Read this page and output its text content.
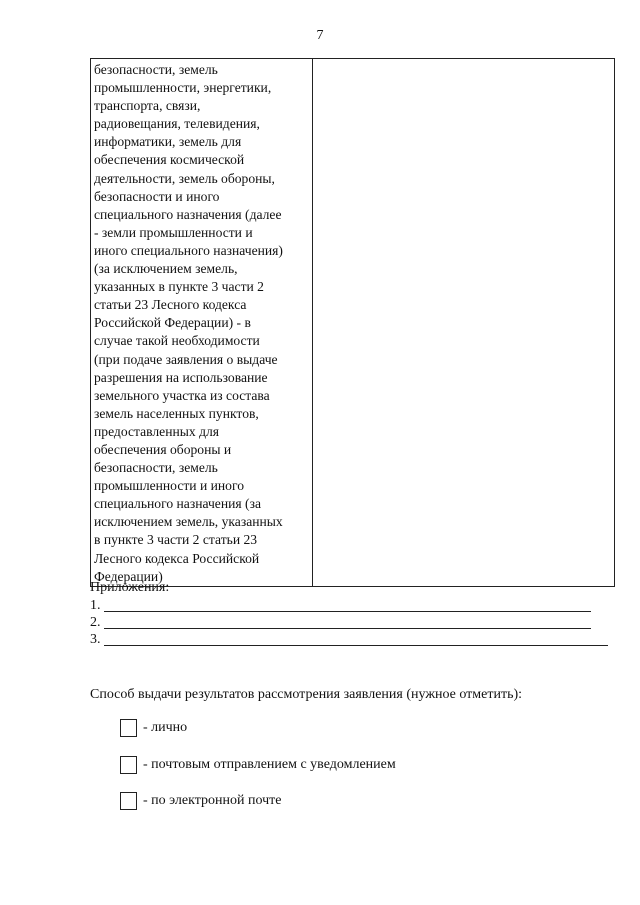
7
безопасности, земель
промышленности, энергетики,
транспорта, связи,
радиовещания, телевидения,
информатики, земель для
обеспечения космической
деятельности, земель обороны,
безопасности и иного
специального назначения (далее
- земли промышленности и
иного специального назначения)
(за исключением земель,
указанных в пункте 3 части 2
статьи 23 Лесного кодекса
Российской Федерации) - в
случае такой необходимости
(при подаче заявления о выдаче
разрешения на использование
земельного участка из состава
земель населенных пунктов,
предоставленных для
обеспечения обороны и
безопасности, земель
промышленности и иного
специального назначения (за
исключением земель, указанных
в пункте 3 части 2 статьи 23
Лесного кодекса Российской
Федерации)

Приложения:
1.
2.
3.
Способ выдачи результатов рассмотрения заявления (нужное отметить):
- лично
- почтовым отправлением с уведомлением
- по электронной почте
